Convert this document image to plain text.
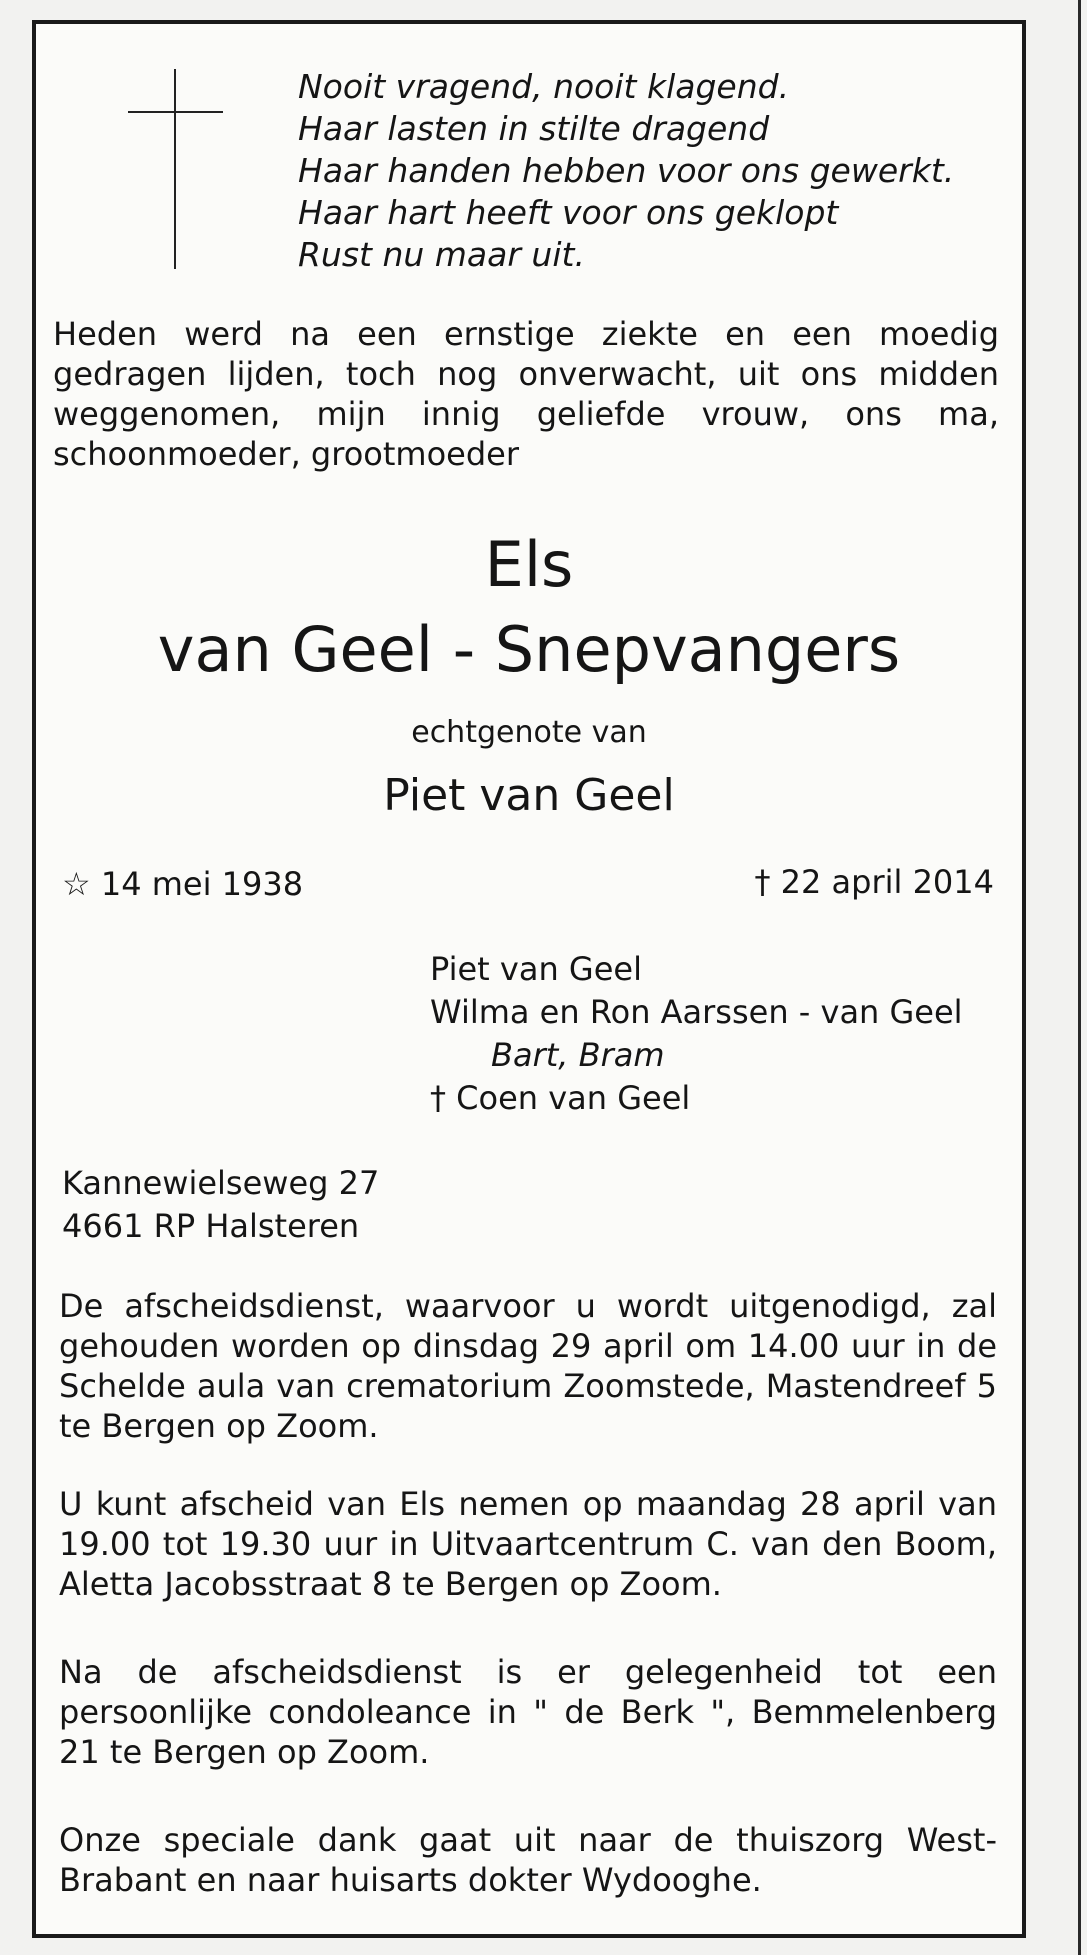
Nooit vragend, nooit klagend.
Haar lasten in stilte dragend
Haar handen hebben voor ons gewerkt.
Haar hart heeft voor ons geklopt
Rust nu maar uit.
Heden werd na een ernstige ziekte en een moedig gedragen lijden, toch nog onverwacht, uit ons midden weggenomen, mijn innig geliefde vrouw, ons ma, schoonmoeder, grootmoeder
Els
van Geel - Snepvangers
echtgenote van
Piet van Geel
☆ 14 mei 1938	† 22 april 2014
Piet van Geel
Wilma en Ron Aarssen - van Geel
Bart, Bram
† Coen van Geel
Kannewielseweg 27
4661 RP Halsteren
De afscheidsdienst, waarvoor u wordt uitgenodigd, zal gehouden worden op dinsdag 29 april om 14.00 uur in de Schelde aula van crematorium Zoomstede, Mastendreef 5 te Bergen op Zoom.
U kunt afscheid van Els nemen op maandag 28 april van 19.00 tot 19.30 uur in Uitvaartcentrum C. van den Boom, Aletta Jacobsstraat 8 te Bergen op Zoom.
Na de afscheidsdienst is er gelegenheid tot een persoonlijke condoleance in " de Berk ", Bemmelenberg 21 te Bergen op Zoom.
Onze speciale dank gaat uit naar de thuiszorg West-Brabant en naar huisarts dokter Wydooghe.
